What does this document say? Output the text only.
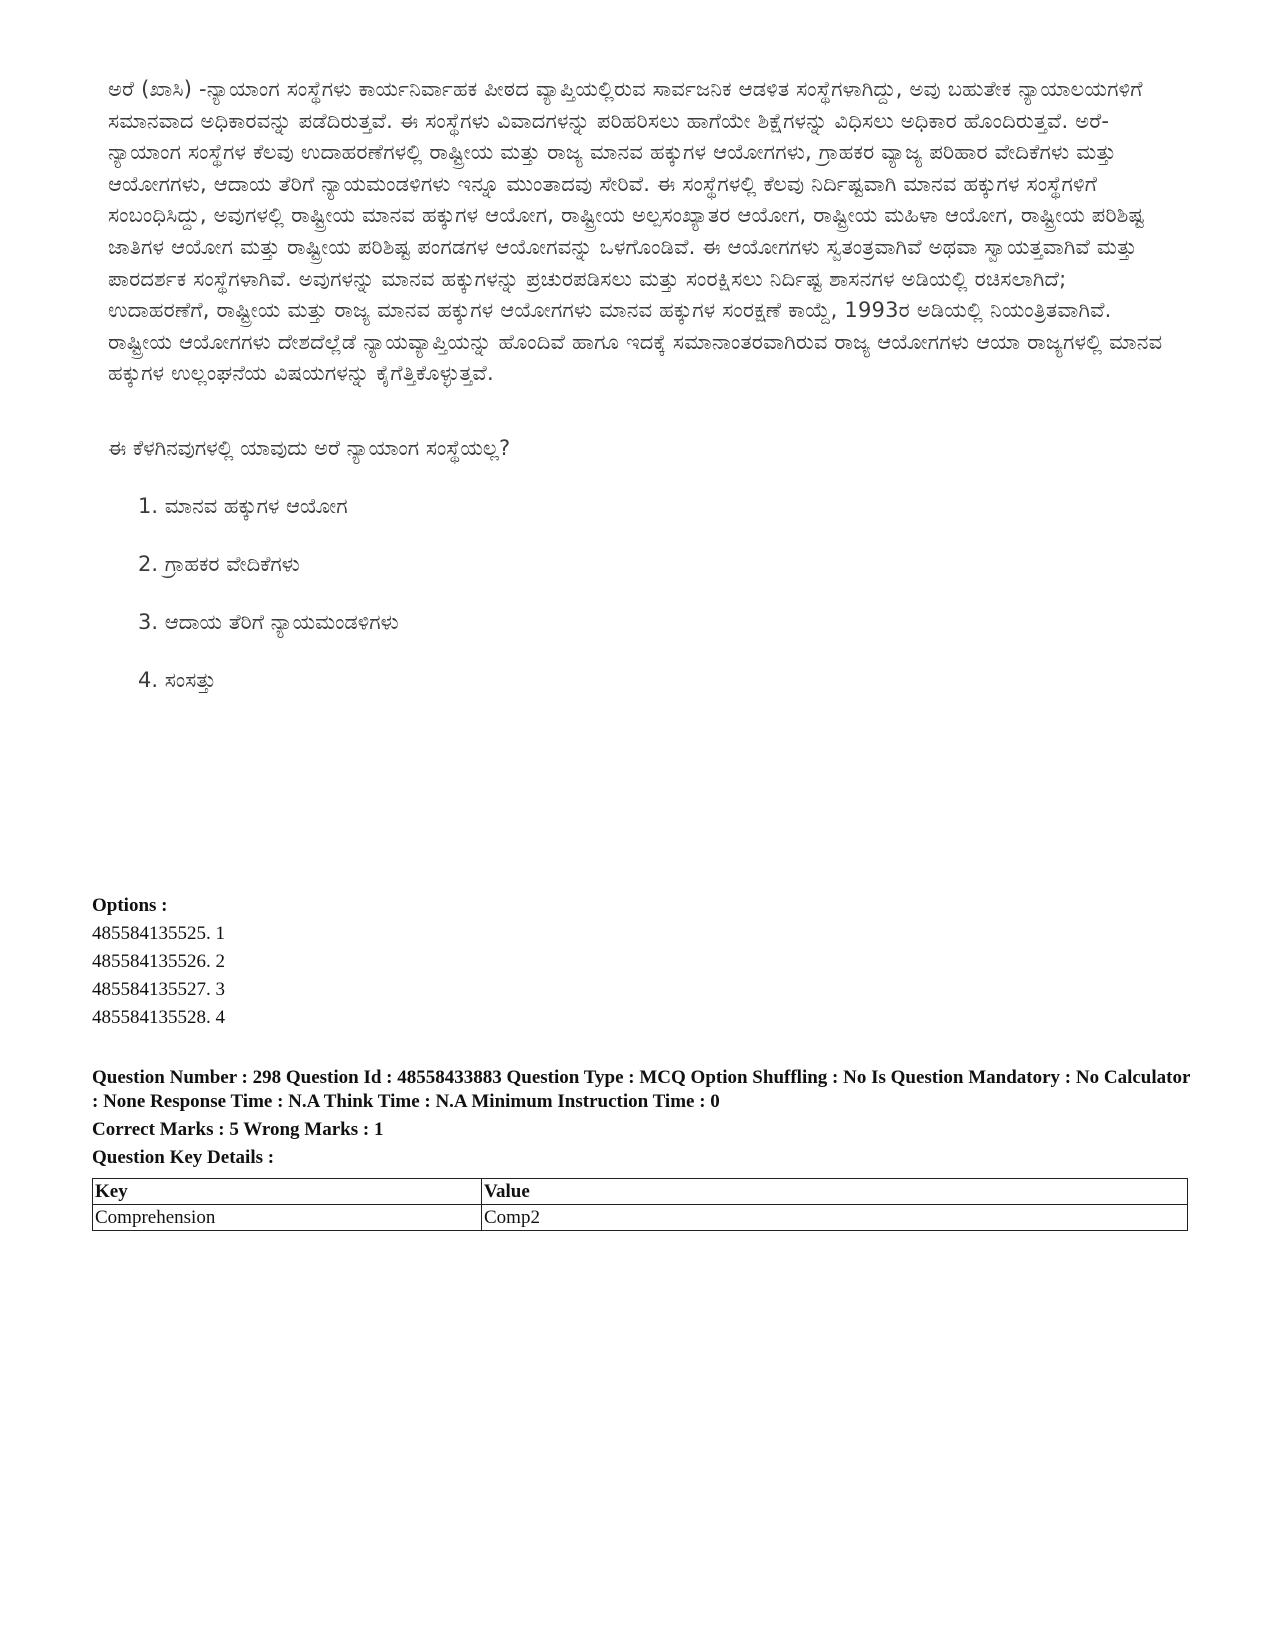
ಅರೆ (ಖಾಸಿ) -ನ್ಯಾಯಾಂಗ ಸಂಸ್ಥೆಗಳು ಕಾರ್ಯನಿರ್ವಾಹಕ ಪೀಠದ ವ್ಯಾಪ್ತಿಯಲ್ಲಿರುವ ಸಾರ್ವಜನಿಕ ಆಡಳಿತ ಸಂಸ್ಥೆಗಳಾಗಿದ್ದು, ಅವು ಬಹುತೇಕ ನ್ಯಾಯಾಲಯಗಳಿಗೆ ಸಮಾನವಾದ ಅಧಿಕಾರವನ್ನು ಪಡೆದಿರುತ್ತವೆ. ಈ ಸಂಸ್ಥೆಗಳು ವಿವಾದಗಳನ್ನು ಪರಿಹರಿಸಲು ಹಾಗೆಯೇ ಶಿಕ್ಷೆಗಳನ್ನು ವಿಧಿಸಲು ಅಧಿಕಾರ ಹೊಂದಿರುತ್ತವೆ. ಅರೆ-ನ್ಯಾಯಾಂಗ ಸಂಸ್ಥೆಗಳ ಕೆಲವು ಉದಾಹರಣೆಗಳಲ್ಲಿ ರಾಷ್ಟ್ರೀಯ ಮತ್ತು ರಾಜ್ಯ ಮಾನವ ಹಕ್ಕುಗಳ ಆಯೋಗಗಳು, ಗ್ರಾಹಕರ ವ್ಯಾಜ್ಯ ಪರಿಹಾರ ವೇದಿಕೆಗಳು ಮತ್ತು ಆಯೋಗಗಳು, ಆದಾಯ ತೆರಿಗೆ ನ್ಯಾಯಮಂಡಳಿಗಳು ಇನ್ನೂ ಮುಂತಾದವು ಸೇರಿವೆ. ಈ ಸಂಸ್ಥೆಗಳಲ್ಲಿ ಕೆಲವು ನಿರ್ದಿಷ್ಟವಾಗಿ ಮಾನವ ಹಕ್ಕುಗಳ ಸಂಸ್ಥೆಗಳಿಗೆ ಸಂಬಂಧಿಸಿದ್ದು, ಅವುಗಳಲ್ಲಿ ರಾಷ್ಟ್ರೀಯ ಮಾನವ ಹಕ್ಕುಗಳ ಆಯೋಗ, ರಾಷ್ಟ್ರೀಯ ಅಲ್ಪಸಂಖ್ಯಾತರ ಆಯೋಗ, ರಾಷ್ಟ್ರೀಯ ಮಹಿಳಾ ಆಯೋಗ, ರಾಷ್ಟ್ರೀಯ ಪರಿಶಿಷ್ಟ ಜಾತಿಗಳ ಆಯೋಗ ಮತ್ತು ರಾಷ್ಟ್ರೀಯ ಪರಿಶಿಷ್ಟ ಪಂಗಡಗಳ ಆಯೋಗವನ್ನು ಒಳಗೊಂಡಿವೆ. ಈ ಆಯೋಗಗಳು ಸ್ವತಂತ್ರವಾಗಿವೆ ಅಥವಾ ಸ್ವಾಯತ್ತವಾಗಿವೆ ಮತ್ತು ಪಾರದರ್ಶಕ ಸಂಸ್ಥೆಗಳಾಗಿವೆ. ಅವುಗಳನ್ನು ಮಾನವ ಹಕ್ಕುಗಳನ್ನು ಪ್ರಚುರಪಡಿಸಲು ಮತ್ತು ಸಂರಕ್ಷಿಸಲು ನಿರ್ದಿಷ್ಟ ಶಾಸನಗಳ ಅಡಿಯಲ್ಲಿ ರಚಿಸಲಾಗಿದೆ; ಉದಾಹರಣೆಗೆ, ರಾಷ್ಟ್ರೀಯ ಮತ್ತು ರಾಜ್ಯ ಮಾನವ ಹಕ್ಕುಗಳ ಆಯೋಗಗಳು ಮಾನವ ಹಕ್ಕುಗಳ ಸಂರಕ್ಷಣೆ ಕಾಯ್ದೆ, 1993ರ ಅಡಿಯಲ್ಲಿ ನಿಯಂತ್ರಿತವಾಗಿವೆ. ರಾಷ್ಟ್ರೀಯ ಆಯೋಗಗಳು ದೇಶದೆಲ್ಲೆಡೆ ನ್ಯಾಯವ್ಯಾಪ್ತಿಯನ್ನು ಹೊಂದಿವೆ ಹಾಗೂ ಇದಕ್ಕೆ ಸಮಾನಾಂತರವಾಗಿರುವ ರಾಜ್ಯ ಆಯೋಗಗಳು ಆಯಾ ರಾಜ್ಯಗಳಲ್ಲಿ ಮಾನವ ಹಕ್ಕುಗಳ ಉಲ್ಲಂಘನೆಯ ವಿಷಯಗಳನ್ನು ಕೈಗೆತ್ತಿಕೊಳ್ಳುತ್ತವೆ.

ಈ ಕೆಳಗಿನವುಗಳಲ್ಲಿ ಯಾವುದು ಅರೆ ನ್ಯಾಯಾಂಗ ಸಂಸ್ಥೆಯಲ್ಲ?

1. ಮಾನವ ಹಕ್ಕುಗಳ ಆಯೋಗ
2. ಗ್ರಾಹಕರ ವೇದಿಕೆಗಳು
3. ಆದಾಯ ತೆರಿಗೆ ನ್ಯಾಯಮಂಡಳಿಗಳು
4. ಸಂಸತ್ತು
Options :
485584135525. 1
485584135526. 2
485584135527. 3
485584135528. 4

Question Number : 298 Question Id : 48558433883 Question Type : MCQ Option Shuffling : No Is Question Mandatory : No Calculator : None Response Time : N.A Think Time : N.A Minimum Instruction Time : 0

Correct Marks : 5 Wrong Marks : 1

Question Key Details :

Key	Value
Comprehension	Comp2
